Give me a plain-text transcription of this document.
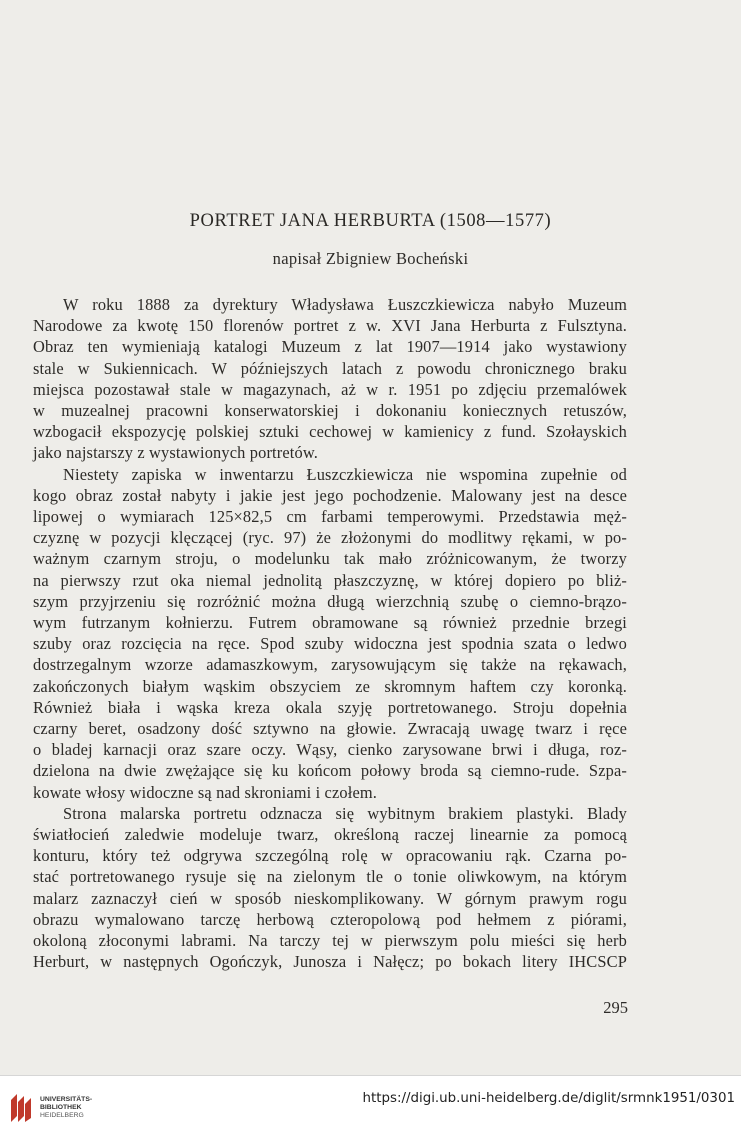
PORTRET JANA HERBURTA (1508—1577)
napisał Zbigniew Bocheński
W roku 1888 za dyrektury Władysława Łuszczkiewicza nabyło Muzeum
Narodowe za kwotę 150 florenów portret z w. XVI Jana Herburta z Fulsztyna.
Obraz ten wymieniają katalogi Muzeum z lat 1907—1914 jako wystawiony
stale w Sukiennicach. W późniejszych latach z powodu chronicznego braku
miejsca pozostawał stale w magazynach, aż w r. 1951 po zdjęciu przemalówek
w muzealnej pracowni konserwatorskiej i dokonaniu koniecznych retuszów,
wzbogacił ekspozycję polskiej sztuki cechowej w kamienicy z fund. Szołayskich
jako najstarszy z wystawionych portretów.
Niestety zapiska w inwentarzu Łuszczkiewicza nie wspomina zupełnie od
kogo obraz został nabyty i jakie jest jego pochodzenie. Malowany jest na desce
lipowej o wymiarach 125×82,5 cm farbami temperowymi. Przedstawia męż-
czyznę w pozycji klęczącej (ryc. 97) że złożonymi do modlitwy rękami, w po-
ważnym czarnym stroju, o modelunku tak mało zróżnicowanym, że tworzy
na pierwszy rzut oka niemal jednolitą płaszczyznę, w której dopiero po bliż-
szym przyjrzeniu się rozróżnić można długą wierzchnią szubę o ciemno-brązo-
wym futrzanym kołnierzu. Futrem obramowane są również przednie brzegi
szuby oraz rozcięcia na ręce. Spod szuby widoczna jest spodnia szata o ledwo
dostrzegalnym wzorze adamaszkowym, zarysowującym się także na rękawach,
zakończonych białym wąskim obszyciem ze skromnym haftem czy koronką.
Również biała i wąska kreza okala szyję portretowanego. Stroju dopełnia
czarny beret, osadzony dość sztywno na głowie. Zwracają uwagę twarz i ręce
o bladej karnacji oraz szare oczy. Wąsy, cienko zarysowane brwi i długa, roz-
dzielona na dwie zwężające się ku końcom połowy broda są ciemno-rude. Szpa-
kowate włosy widoczne są nad skroniami i czołem.
Strona malarska portretu odznacza się wybitnym brakiem plastyki. Blady
światłocień zaledwie modeluje twarz, określoną raczej linearnie za pomocą
konturu, który też odgrywa szczególną rolę w opracowaniu rąk. Czarna po-
stać portretowanego rysuje się na zielonym tle o tonie oliwkowym, na którym
malarz zaznaczył cień w sposób nieskomplikowany. W górnym prawym rogu
obrazu wymalowano tarczę herbową czteropolową pod hełmem z piórami,
okoloną złoconymi labrami. Na tarczy tej w pierwszym polu mieści się herb
Herburt, w następnych Ogończyk, Junosza i Nałęcz; po bokach litery IHCSCP
295
UNIVERSITÄTS-
BIBLIOTHEK
HEIDELBERG
https://digi.ub.uni-heidelberg.de/diglit/srmnk1951/0301
